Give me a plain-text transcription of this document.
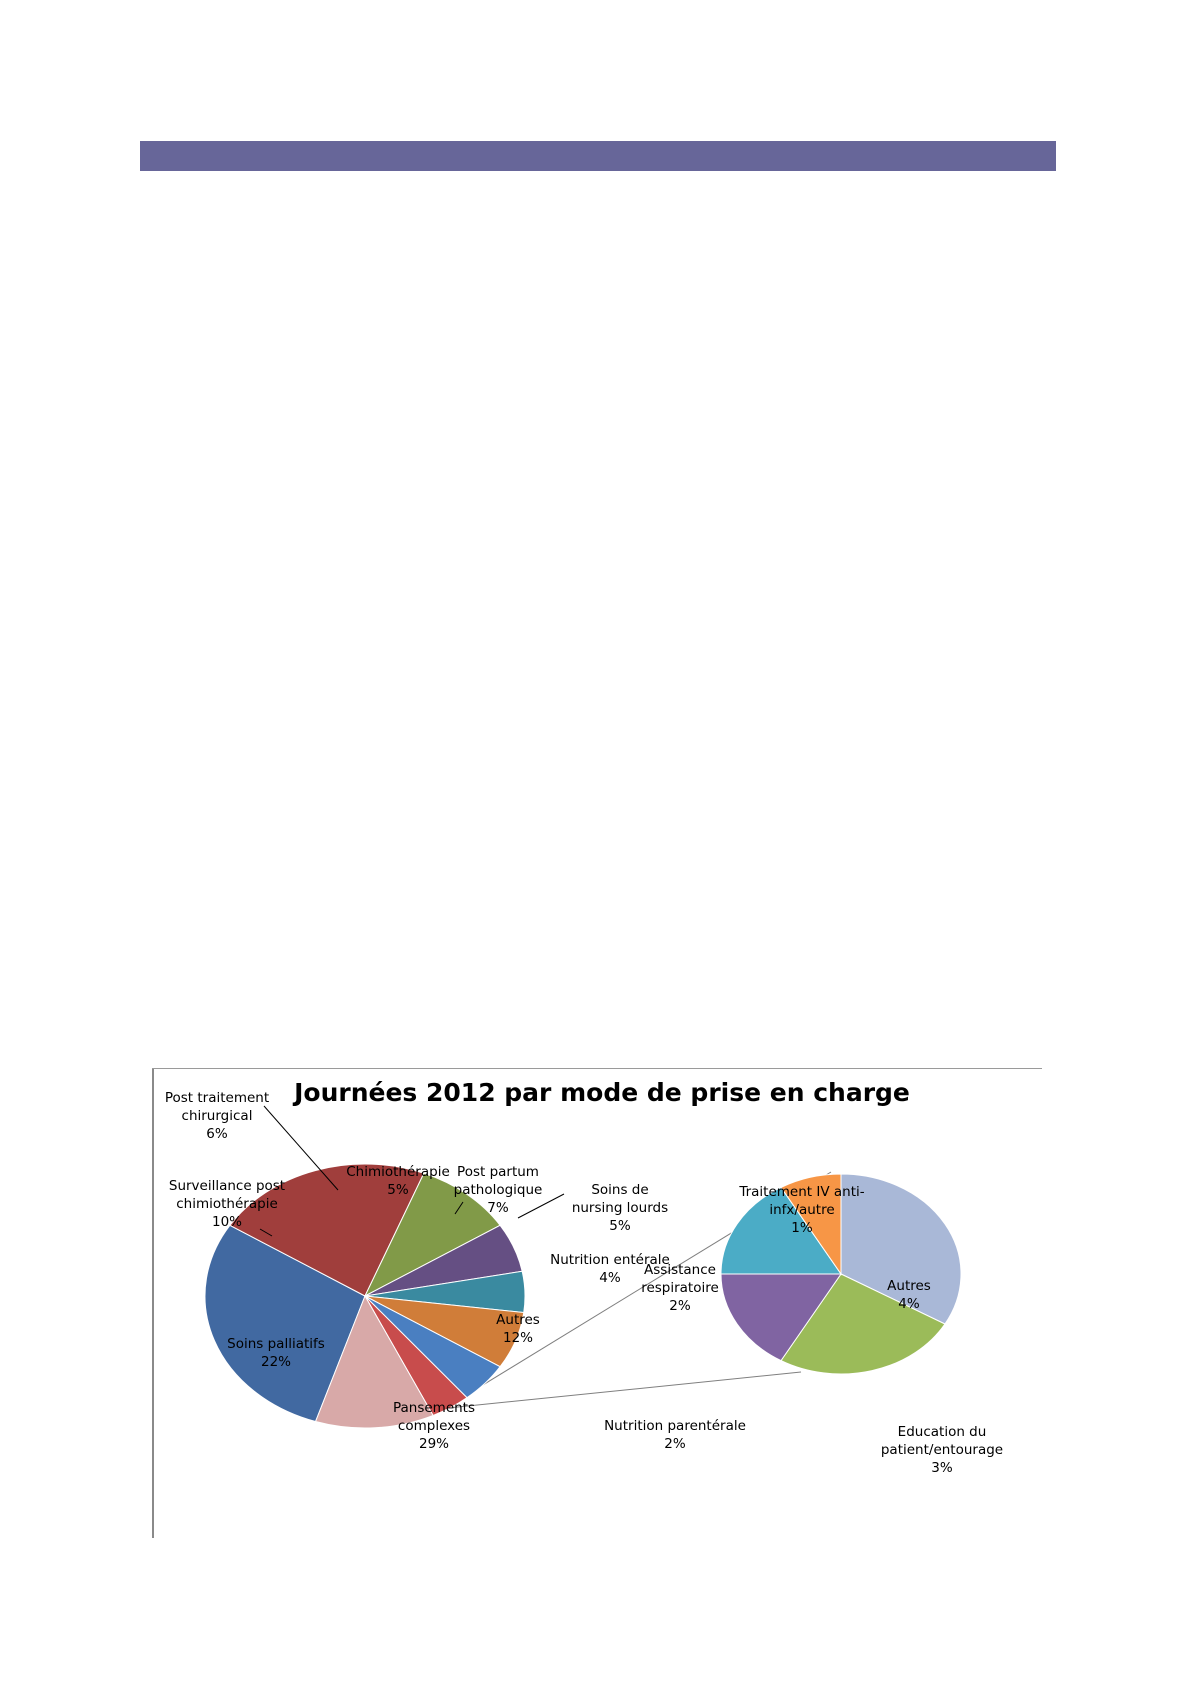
Journées 2012 par mode de prise en charge
Pansements
complexes
29%
Soins palliatifs
22%
Surveillance post
chimiothérapie
10%
Post traitement
chirurgical
6%
Chimiothérapie
5%
Post partum
pathologique
7%
Soins de
nursing lourds
5%
Nutrition entérale
4%
Autres
12%
Autres
4%
Education du
patient/entourage
3%
Nutrition parentérale
2%
Assistance
respiratoire
2%
Traitement IV anti-
infx/autre
1%
